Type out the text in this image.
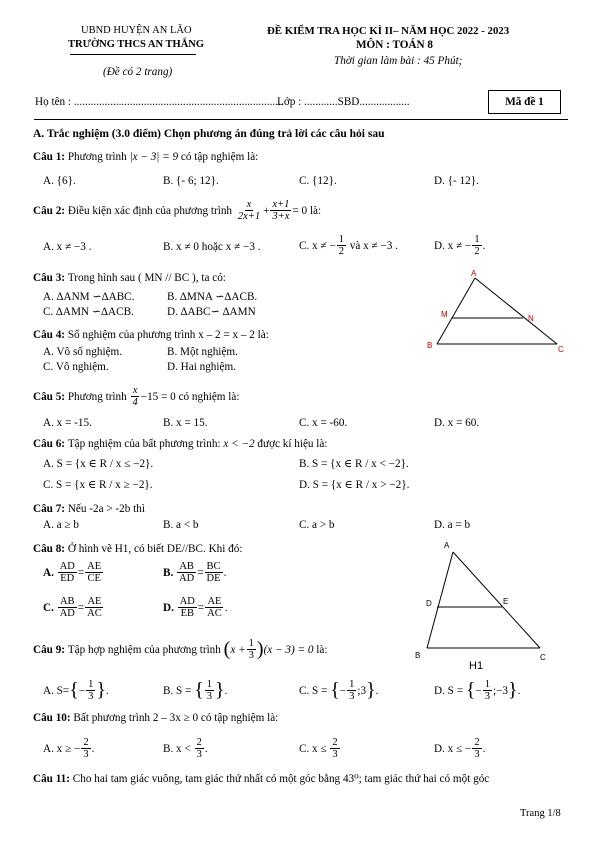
UBND HUYỆN AN LÃO
TRƯỜNG THCS AN THẮNG
(Đề có 2 trang)
ĐỀ KIỂM TRA HỌC KÌ II– NĂM HỌC 2022 - 2023
MÔN : TOÁN 8
Thời gian làm bài : 45 Phút;
Họ tên : ...........................................................................
Lớp : ............SBD..................	Mã đề 1
A. Trắc nghiệm (3.0 điểm) Chọn phương án đúng trả lời các câu hỏi sau
Câu 1:
Phương trình
|x − 3| = 9
có tập nghiệm là:
A. {6}.	B. {- 6; 12}.	C. {12}.	D. {- 12}.
Câu 2:
Điều kiện xác định của phương trình
$\frac{x}{2x+1} + \frac{x+1}{3+x} = 0$
là:
A. x ≠ −3 .	B. x ≠ 0 hoặc x ≠ −3 .	C. x ≠ − $\frac{1}{2}$
và x ≠ −3 .	D. x ≠ − $\frac{1}{2}$ .
Câu 3:
Trong hình sau ( MN // BC ), ta có:
A. ∆ANM ∽∆ABC.	B. ∆MNA ∽∆ACB.
C. ∆AMN ∽∆ACB.	D. ∆ABC∽ ∆AMN
A
M	N
B	C
Câu 4:
Số nghiệm của phương trình x – 2 = x – 2 là:
A. Vô số nghiệm.	B. Một nghiệm.
C. Vô nghiệm.	D. Hai nghiệm.
Câu 5:
Phương trình
$\frac{x}{4} -15 = 0$
có nghiệm là:
A. x = -15.	B. x = 15.	C. x = -60.	D. x = 60.
Câu 6:
Tập nghiệm của bất phương trình:
x < −2
được kí hiệu là:
A. S = {x ∈ R / x ≤ −2}.	B. S = {x ∈ R / x < −2}.
C. S = {x ∈ R / x ≥ −2}.	D. S = {x ∈ R / x > −2}.
Câu 7:
Nếu -2a > -2b thì
A. a ≥ b	B. a < b	C. a > b	D. a = b
Câu 8:
Ở hình vẽ H1, có biết DE//BC. Khi đó:
A.
$\frac{AD}{ED} = \frac{AE}{CE}$	B.
$\frac{AB}{AD} = \frac{BC}{DE}$ .
C.
$\frac{AB}{AD} = \frac{AE}{AC}$	D.
$\frac{AD}{EB} = \frac{AE}{AC}$ .
A
D	E
B	C
H1
Câu 9:
Tập hợp nghiệm của phương trình
( $x + \frac{1}{3}$ ) (x − 3) = 0
là:
A. S= { − $\frac{1}{3}$ } .	B. S =
{ $\frac{1}{3}$ } .	C. S =
{ − $\frac{1}{3}$ ;3 } .	D. S =
{ − $\frac{1}{3}$ ;−3 } .
Câu 10:
Bất phương trình 2 – 3x ≥ 0 có tập nghiệm là:
A. x ≥ − $\frac{2}{3}$ .	B. x <
$\frac{2}{3}$ .	C. x ≤
$\frac{2}{3}$	D. x ≤ − $\frac{2}{3}$ .
Câu 11:
Cho hai tam giác vuông, tam giác thứ nhất có một góc bằng 43⁰; tam giác thứ hai có một góc
Trang 1/8
